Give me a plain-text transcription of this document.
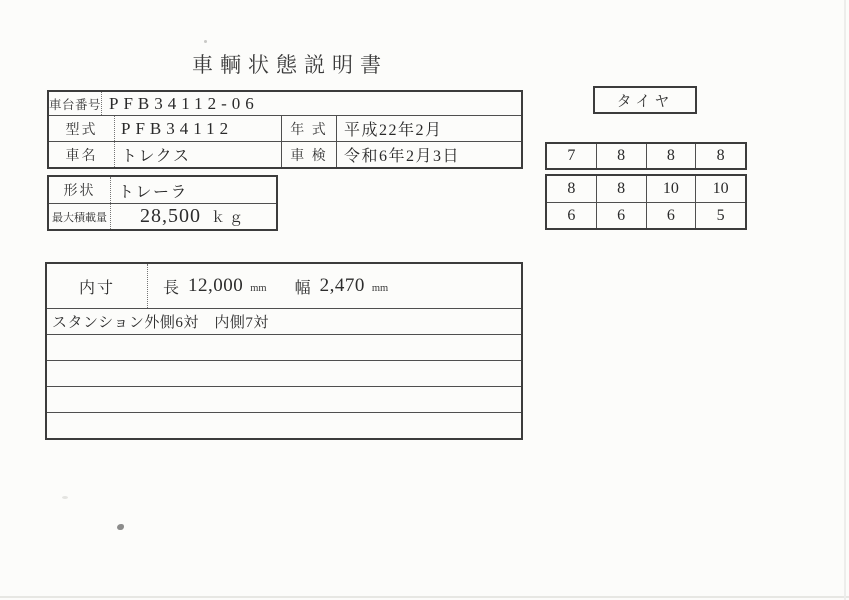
車輌状態説明書
車台番号 PFB34112-06
型式	PFB34112	年 式	平成22年2月
車名	トレクス	車 検	令和6年2月3日
タイヤ
7	8	8	8
8	8	10	10
6	6	6	5
形状	トレーラ
最大積載量 28,500 ｋｇ
内寸	長 12,000 mm 幅 2,470 mm
スタンション外側6対　内側7対
